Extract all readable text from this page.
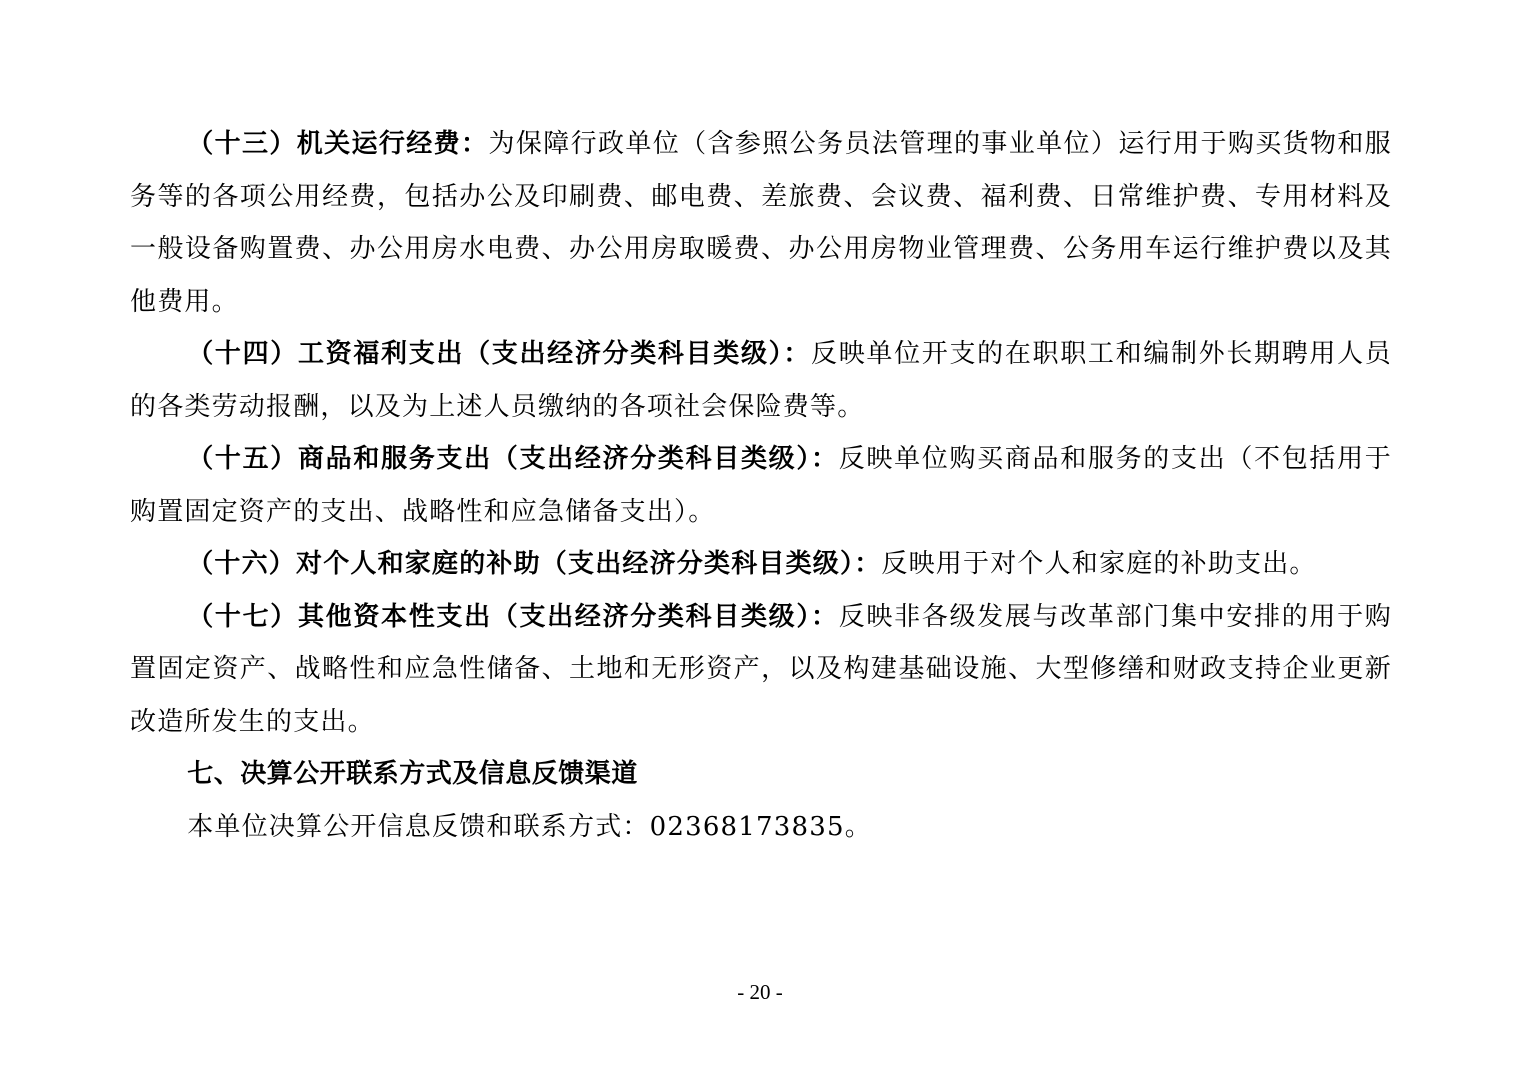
（十三）机关运行经费：为保障行政单位（含参照公务员法管理的事业单位）运行用于购买货物和服务等的各项公用经费，包括办公及印刷费、邮电费、差旅费、会议费、福利费、日常维护费、专用材料及一般设备购置费、办公用房水电费、办公用房取暖费、办公用房物业管理费、公务用车运行维护费以及其他费用。

（十四）工资福利支出（支出经济分类科目类级）：反映单位开支的在职职工和编制外长期聘用人员的各类劳动报酬，以及为上述人员缴纳的各项社会保险费等。

（十五）商品和服务支出（支出经济分类科目类级）：反映单位购买商品和服务的支出（不包括用于购置固定资产的支出、战略性和应急储备支出）。

（十六）对个人和家庭的补助（支出经济分类科目类级）：反映用于对个人和家庭的补助支出。

（十七）其他资本性支出（支出经济分类科目类级）：反映非各级发展与改革部门集中安排的用于购置固定资产、战略性和应急性储备、土地和无形资产，以及构建基础设施、大型修缮和财政支持企业更新改造所发生的支出。

七、决算公开联系方式及信息反馈渠道

本单位决算公开信息反馈和联系方式：02368173835。

- 20 -
